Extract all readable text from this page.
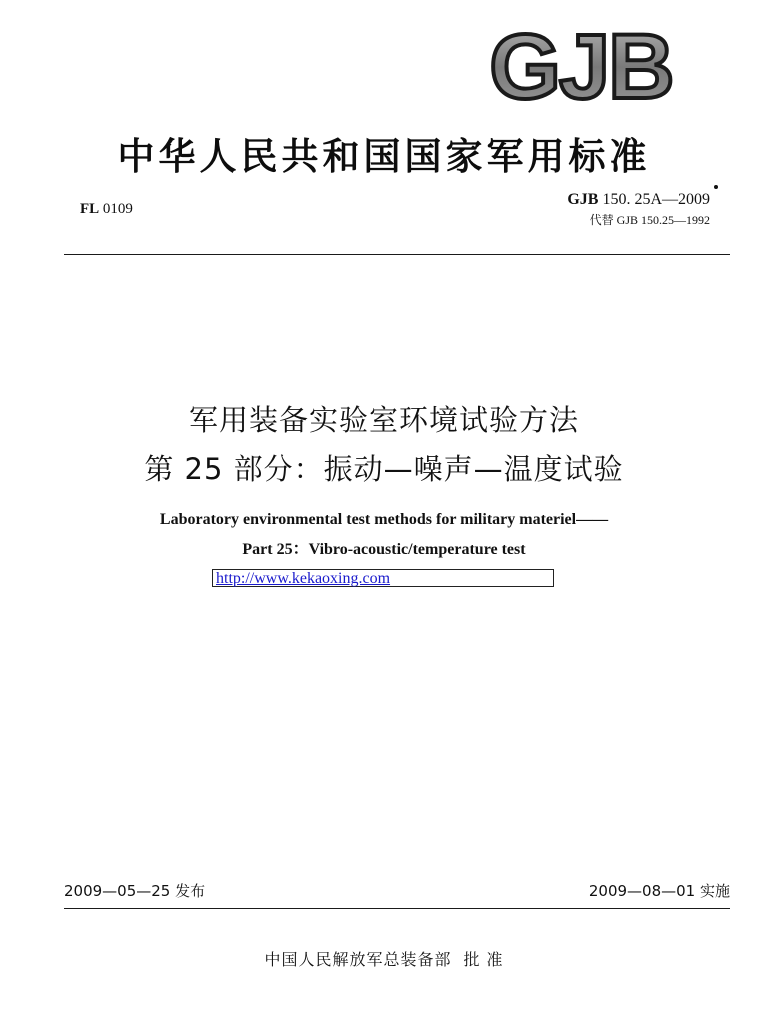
GJB
中华人民共和国国家军用标准
FL 0109
GJB 150. 25A—2009
代替 GJB 150.25—1992
军用装备实验室环境试验方法
第 25 部分：振动—噪声—温度试验
Laboratory environmental test methods for military materiel——
Part 25：Vibro-acoustic/temperature test
http://www.kekaoxing.com
2009—05—25 发布	2009—08—01 实施
中国人民解放军总装备部 批 准
